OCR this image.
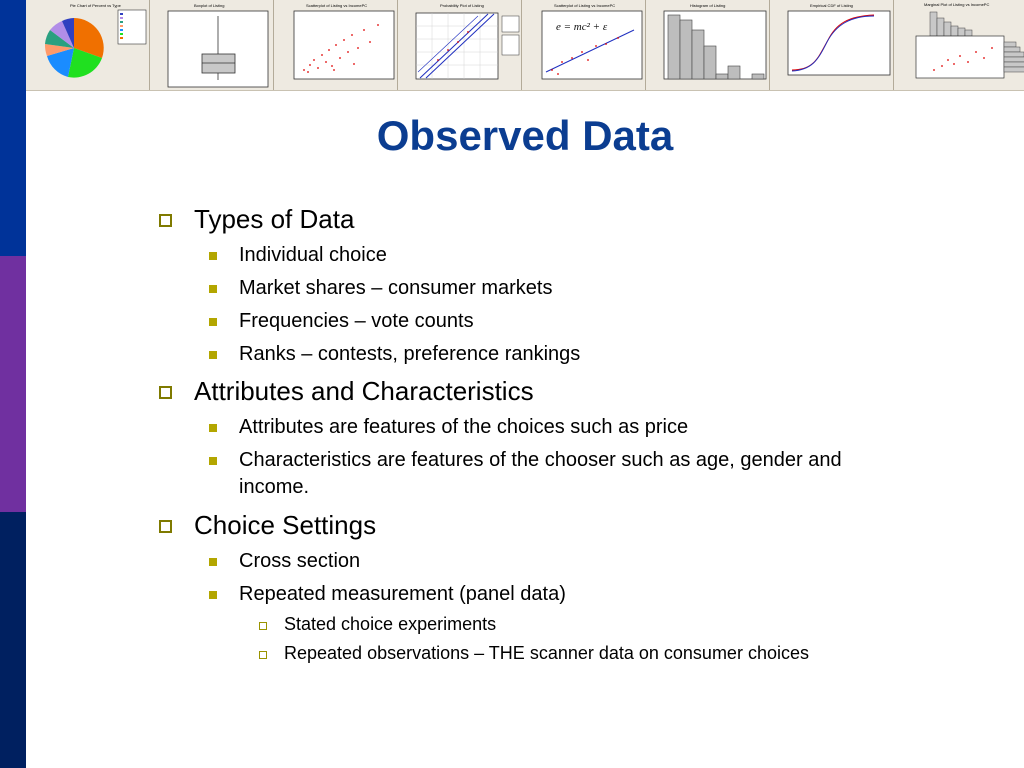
Pie Chart of Percent vs Type	Boxplot of Listing	Scatterplot of Listing vs IncomePC	Probability Plot of Listing	Scatterplot of Listing vs IncomePC
e = mc² + ε
Histogram of Listing	Empirical CDF of Listing	Marginal Plot of Listing vs IncomePC
Observed Data
Types of Data
Individual choice
Market shares – consumer markets
Frequencies – vote counts
Ranks – contests, preference rankings
Attributes and Characteristics
Attributes are features of the choices such as price
Characteristics are features of the chooser such as age, gender and
income.
Choice Settings
Cross section
Repeated measurement (panel data)
Stated choice experiments
Repeated observations – THE scanner data on consumer choices
